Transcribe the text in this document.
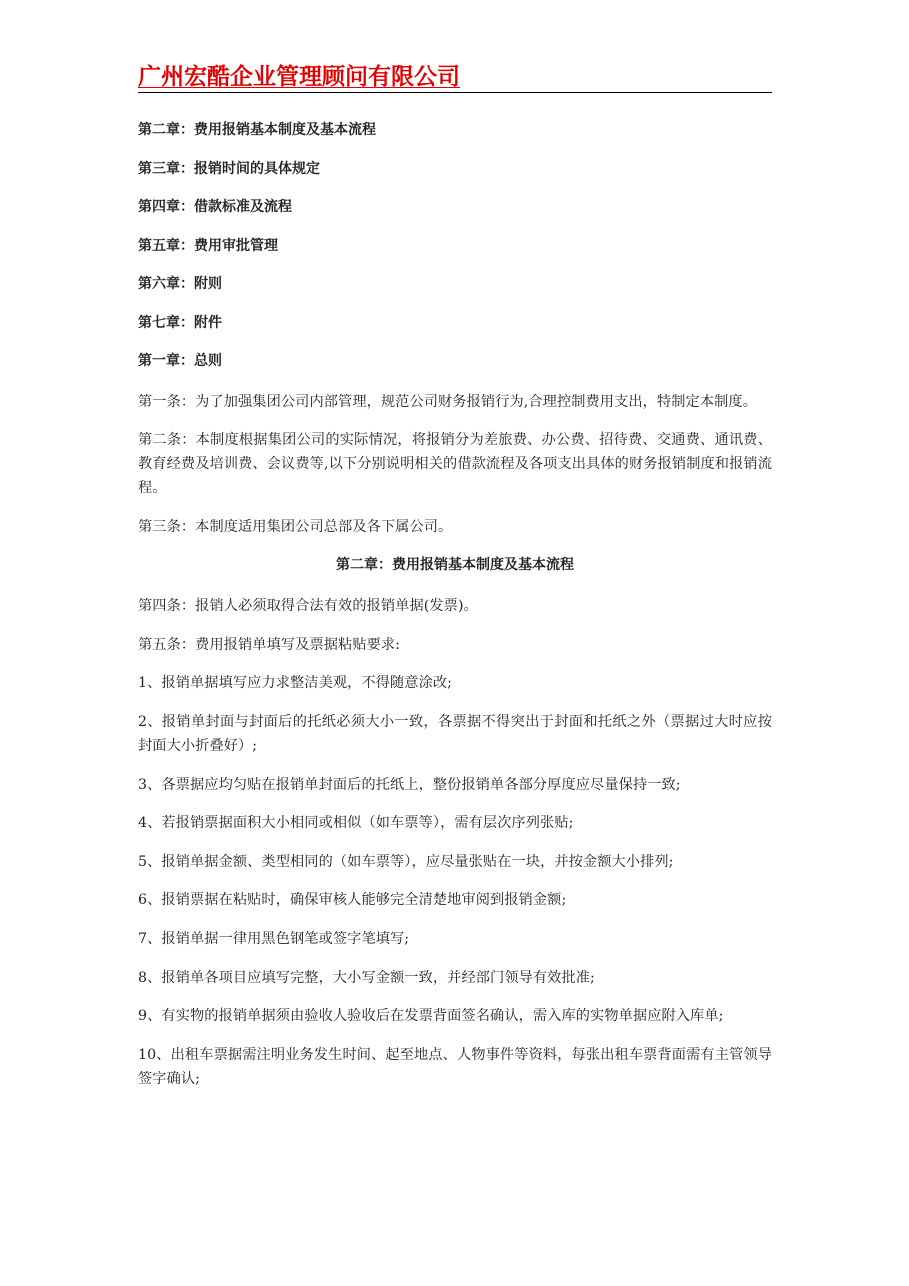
广州宏酷企业管理顾问有限公司
第二章：费用报销基本制度及基本流程
第三章：报销时间的具体规定
第四章：借款标准及流程
第五章：费用审批管理
第六章：附则
第七章：附件
第一章：总则

第一条：为了加强集团公司内部管理，规范公司财务报销行为,合理控制费用支出，特制定本制度。

第二条：本制度根据集团公司的实际情况，将报销分为差旅费、办公费、招待费、交通费、通讯费、教育经费及培训费、会议费等,以下分别说明相关的借款流程及各项支出具体的财务报销制度和报销流程。

第三条：本制度适用集团公司总部及各下属公司。

第二章：费用报销基本制度及基本流程

第四条：报销人必须取得合法有效的报销单据(发票)。

第五条：费用报销单填写及票据粘贴要求:

1、报销单据填写应力求整洁美观，不得随意涂改;

2、报销单封面与封面后的托纸必须大小一致，各票据不得突出于封面和托纸之外（票据过大时应按封面大小折叠好）;

3、各票据应均匀贴在报销单封面后的托纸上，整份报销单各部分厚度应尽量保持一致;

4、若报销票据面积大小相同或相似（如车票等），需有层次序列张贴;

5、报销单据金额、类型相同的（如车票等），应尽量张贴在一块，并按金额大小排列;

6、报销票据在粘贴时，确保审核人能够完全清楚地审阅到报销金额;

7、报销单据一律用黑色钢笔或签字笔填写;

8、报销单各项目应填写完整，大小写金额一致，并经部门领导有效批准;

9、有实物的报销单据须由验收人验收后在发票背面签名确认，需入库的实物单据应附入库单;

10、出租车票据需注明业务发生时间、起至地点、人物事件等资料，每张出租车票背面需有主管领导签字确认;
